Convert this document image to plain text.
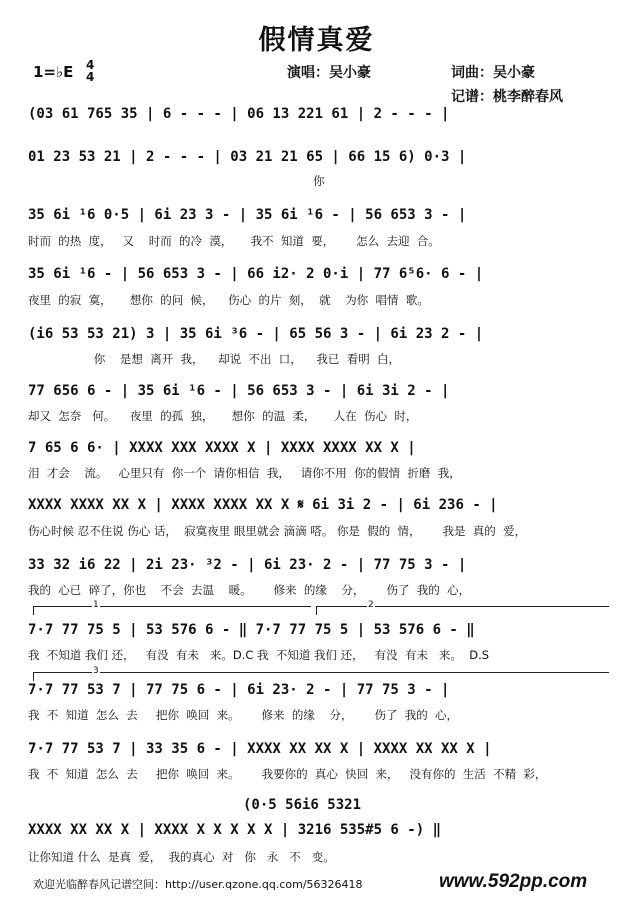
假情真爱
1=♭E 4
4	演唱：吴小豪	词曲：吴小豪
记谱：桃李醉春风
(03 61 765 35 | 6 - - - | 06 13 221 61 | 2 - - - |
01 23 53 21 | 2 - - - | 03 21 21 65 | 66 15 6) 0·3 |
你
35 6i ¹6 0·5 | 6i 23 3 - | 35 6i ¹6 - | 56 653 3 - |
时而  的热  度，   又    时而  的冷  漠，     我不  知道  要，      怎么  去迎  合。
35 6i ¹6 - | 56 653 3 - | 66 i2· 2 0·i | 77 6⁵6· 6 - |
夜里  的寂  寞，     想你  的问  候，    伤心  的片  刻，  就    为你  唱情  歌。
(i6 53 53 21) 3 | 35 6i ³6 - | 65 56 3 - | 6i 23 2 - |
你    是想  离开  我，    却说  不出  口，    我已  看明  白，
77 656 6 - | 35 6i ¹6 - | 56 653 3 - | 6i 3i 2 - |
却又  怎奈   何。    夜里  的孤  独，     想你  的温  柔，     人在  伤心  时，
7 65 6 6· | XXXX XXX XXXX X | XXXX XXXX XX X |
泪  才会    流。   心里只有  你一个  请你相信  我，   请你不用  你的假情  折磨  我，
XXXX XXXX XX X | XXXX XXXX XX X 𝄋 6i 3i 2 - | 6i 236 - |
伤心时候 忍不住说 伤心 话，  寂寞夜里 眼里就会 滴滴 嗒。 你是  假的  情，      我是  真的  爱，
33 32 i6 22 | 2i 23· ³2 - | 6i 23· 2 - | 77 75 3 - |
我的  心已  碎了，你也    不会  去温    暖。      修来  的缘    分，      伤了  我的  心，
1	2
7·7 77 75 5 | 53 576 6 - ‖ 7·7 77 75 5 | 53 576 6 - ‖
我  不知道 我们 还，   有没  有未   来。D.C 我  不知道 我们 还，   有没  有未   来。  D.S
3
7·7 77 53 7 | 77 75 6 - | 6i 23· 2 - | 77 75 3 - |
我  不  知道  怎么  去     把你  唤回  来。      修来  的缘    分，      伤了  我的  心，
7·7 77 53 7 | 33 35 6 - | XXXX XX XX X | XXXX XX XX X |
我  不  知道  怎么  去     把你  唤回  来。      我要你的  真心  快回  来，   没有你的  生活  不精  彩，
(0·5 56i6 5321
XXXX XX XX X | XXXX X X X X X | 3216 535#5 6 -) ‖
让你知道 什么  是真  爱，  我的真心  对   你   永   不   变。
欢迎光临醉春风记谱空间：http://user.qzone.qq.com/56326418	www.592pp.com
